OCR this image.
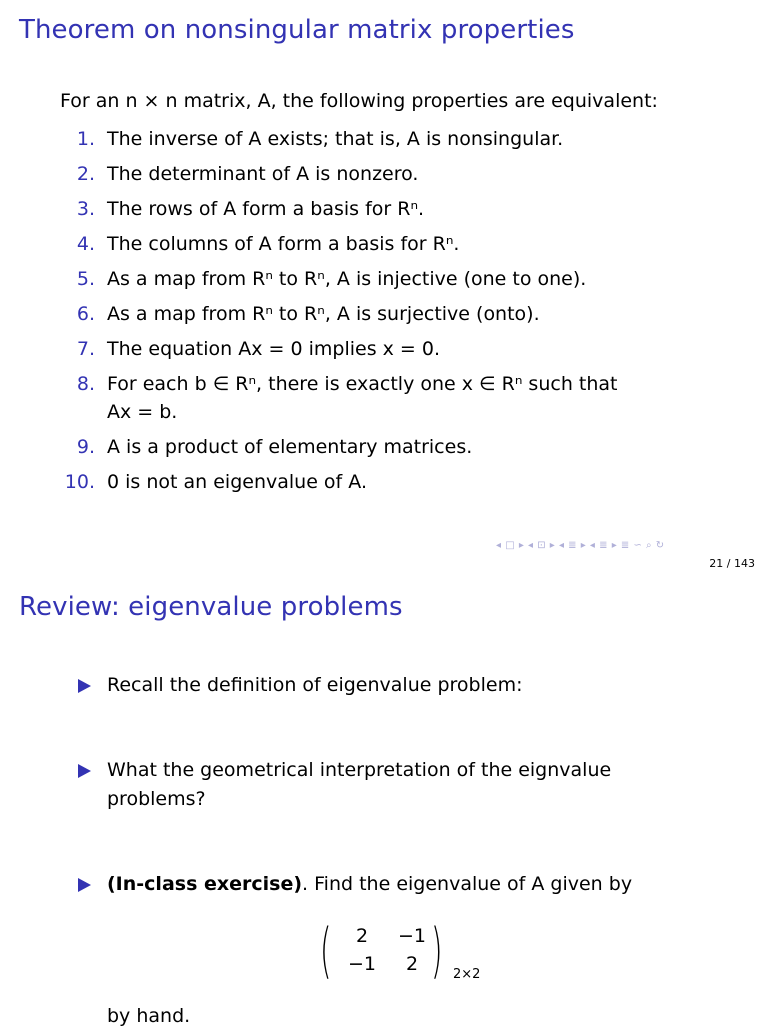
Theorem on nonsingular matrix properties
For an n × n matrix, A, the following properties are equivalent:
1. The inverse of A exists; that is, A is nonsingular.
2. The determinant of A is nonzero.
3. The rows of A form a basis for Rⁿ.
4. The columns of A form a basis for Rⁿ.
5. As a map from Rⁿ to Rⁿ, A is injective (one to one).
6. As a map from Rⁿ to Rⁿ, A is surjective (onto).
7. The equation Ax = 0 implies x = 0.
8. For each b ∈ Rⁿ, there is exactly one x ∈ Rⁿ such that
Ax = b.
9. A is a product of elementary matrices.
10. 0 is not an eigenvalue of A.
◂ □ ▸ ◂ ⊡ ▸ ◂ ≣ ▸ ◂ ≣ ▸ ≣ ∽ ⌕ ↻
21 / 143
Review: eigenvalue problems
Recall the definition of eigenvalue problem:
What the geometrical interpretation of the eignvalue
problems?
(In-class exercise). Find the eigenvalue of A given by
(	2	−1
−1	2 ) 2×2
by hand.
